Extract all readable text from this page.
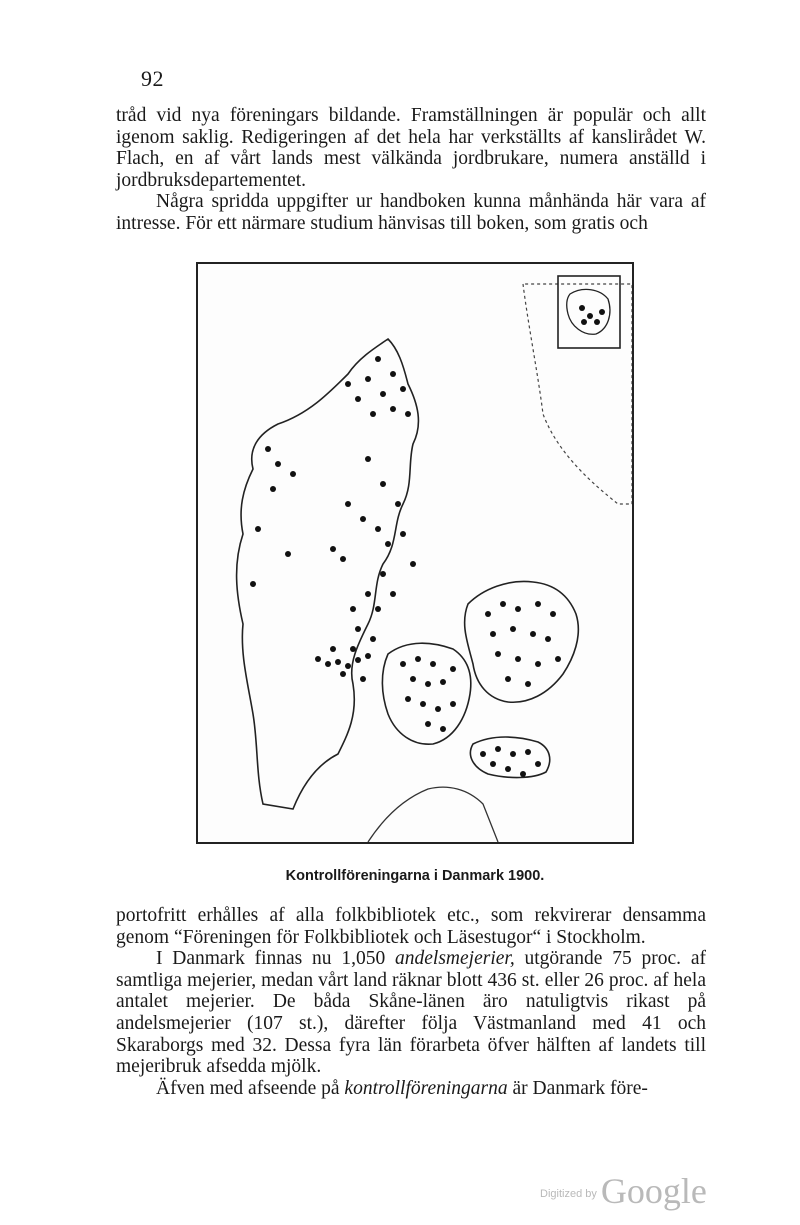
92
tråd vid nya föreningars bildande. Framställningen är populär och allt igenom saklig. Redigeringen af det hela har verkställts af kanslirådet W. Flach, en af vårt lands mest välkända jordbrukare, numera anställd i jordbruksdepartementet.
Några spridda uppgifter ur handboken kunna månhända här vara af intresse. För ett närmare studium hänvisas till boken, som gratis och
Kontrollföreningarna i Danmark 1900.
portofritt erhålles af alla folkbibliotek etc., som rekvirerar densamma genom “Föreningen för Folkbibliotek och Läsestugor“ i Stockholm.
I Danmark finnas nu 1,050 andelsmejerier, utgörande 75 proc. af samtliga mejerier, medan vårt land räknar blott 436 st. eller 26 proc. af hela antalet mejerier. De båda Skåne-länen äro natuligtvis rikast på andelsmejerier (107 st.), därefter följa Västmanland med 41 och Skaraborgs med 32. Dessa fyra län förarbeta öfver hälften af landets till mejeribruk afsedda mjölk.
Äfven med afseende på kontrollföreningarna är Danmark före-
$^{Digitized by}$ Google
